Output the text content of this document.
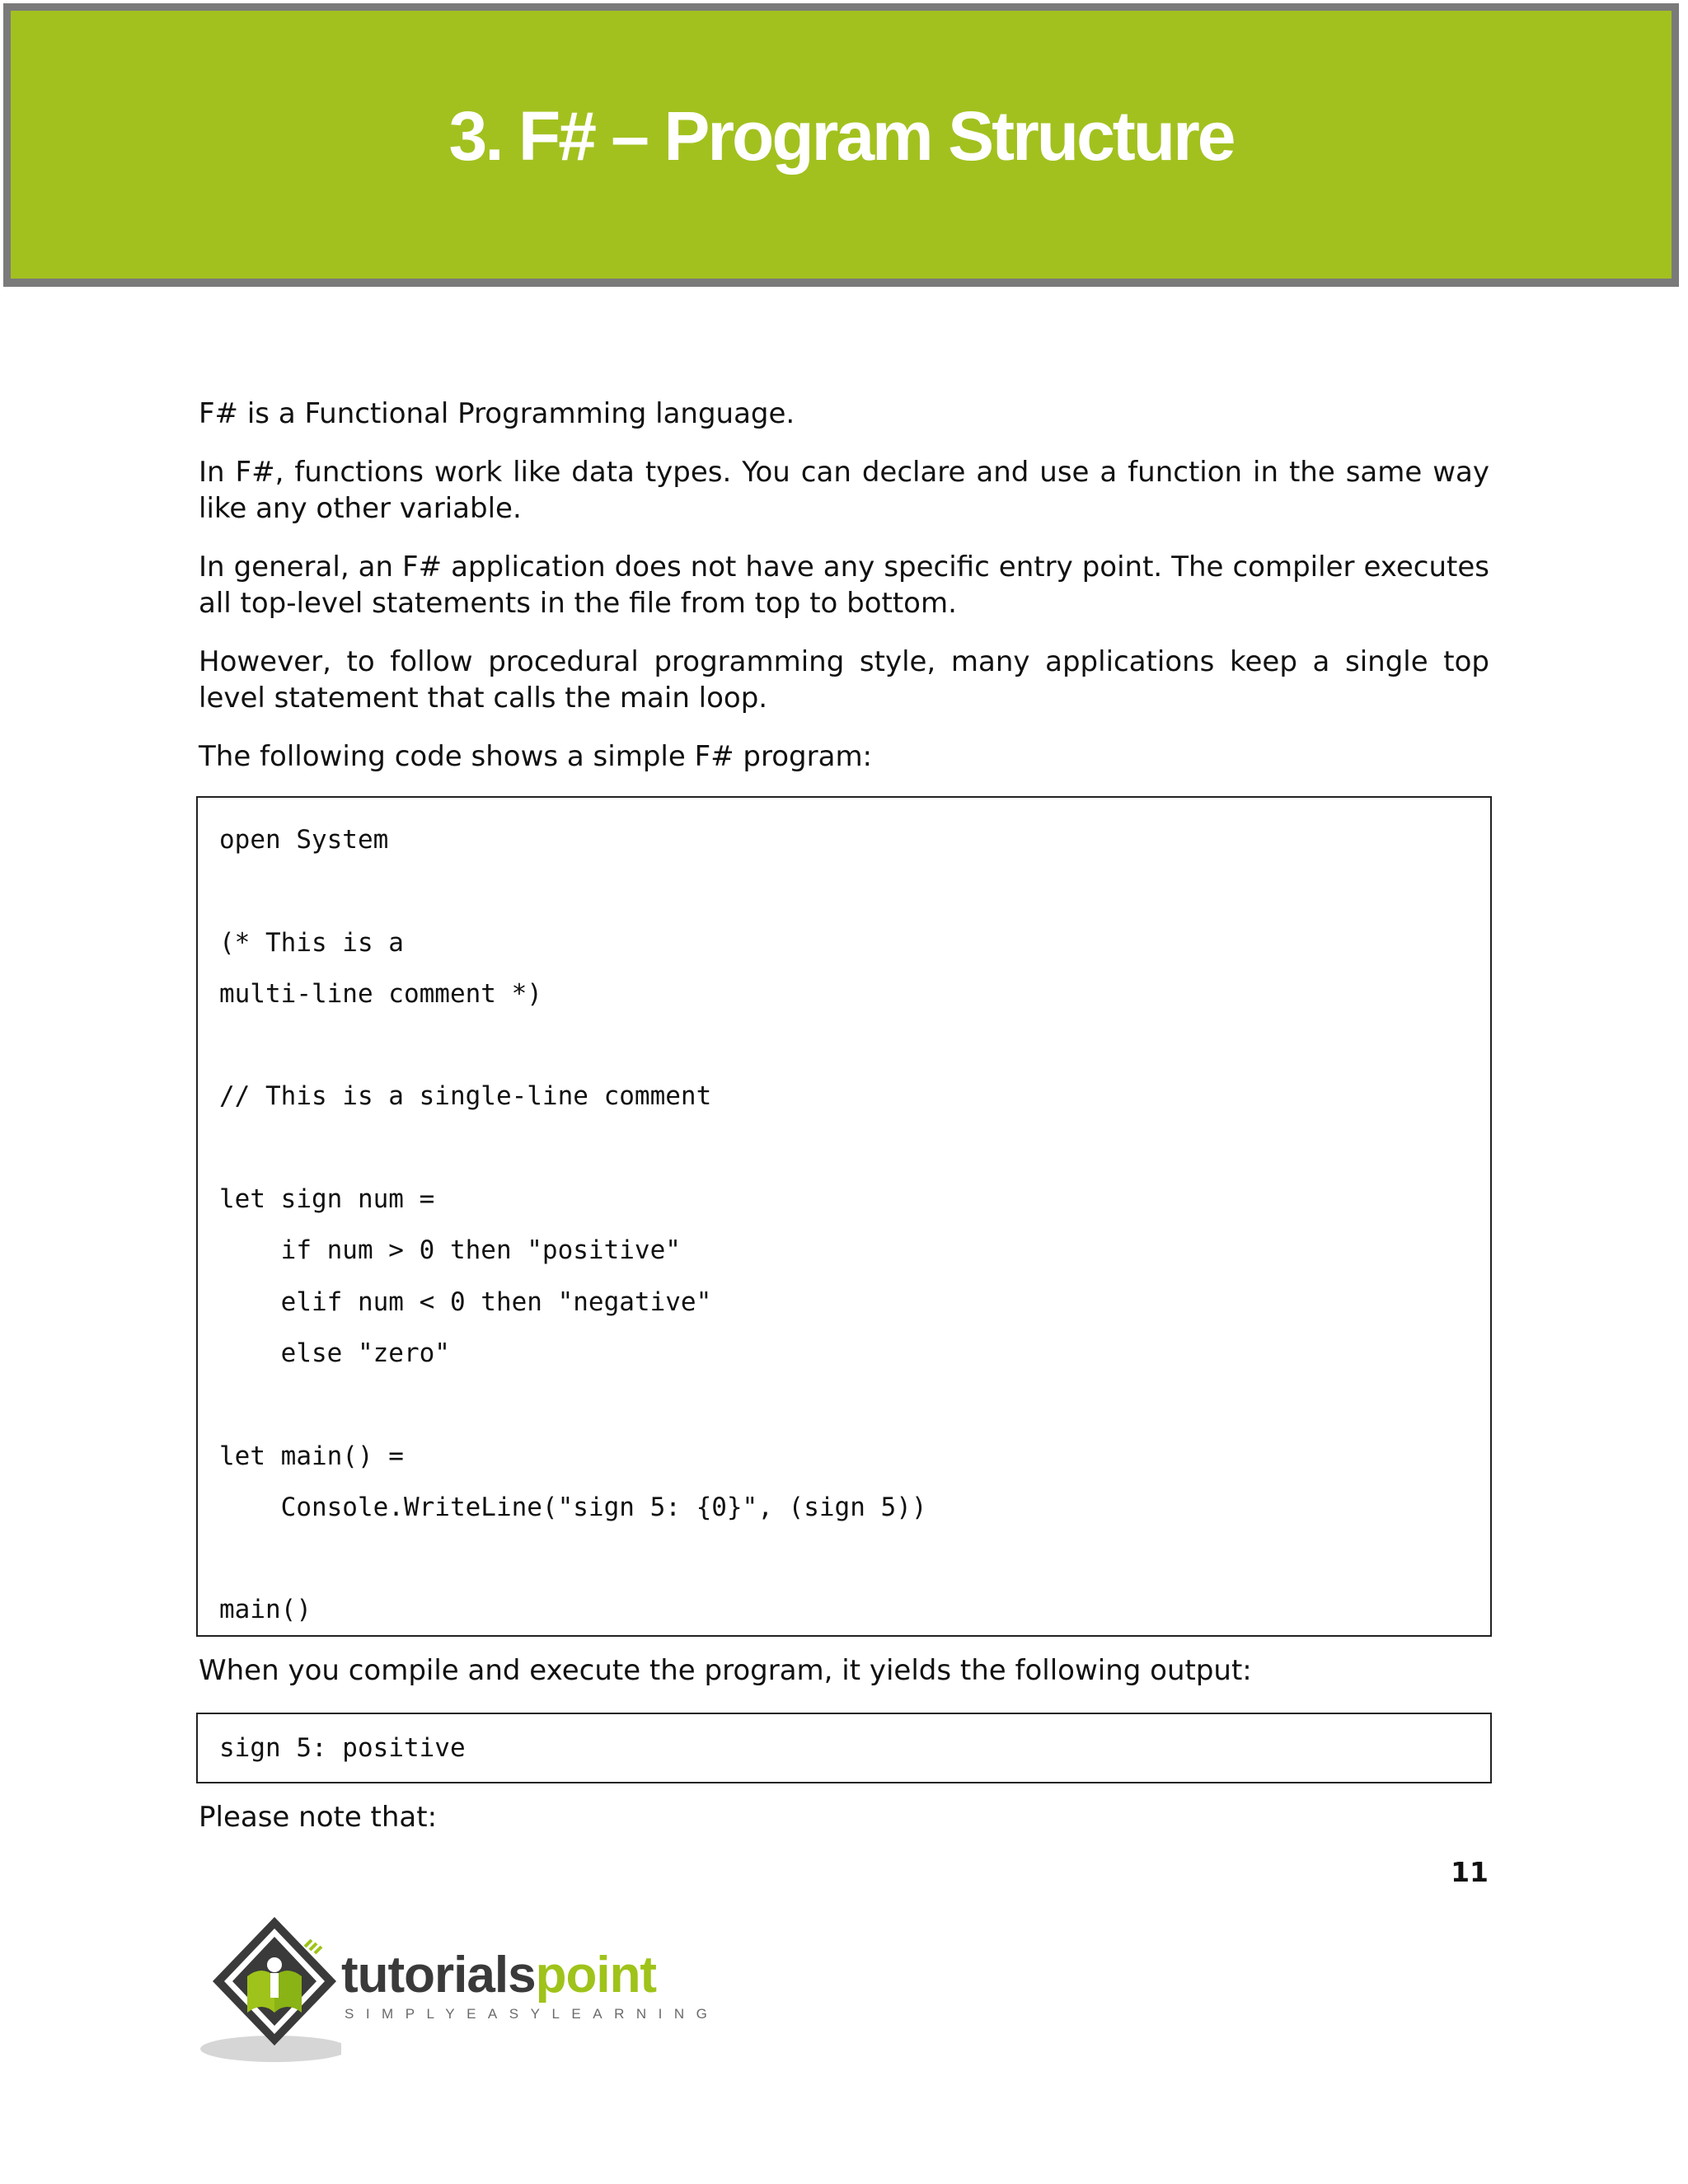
3. F# – Program Structure

F# is a Functional Programming language.

In F#, functions work like data types. You can declare and use a function in the same way like any other variable.

In general, an F# application does not have any specific entry point. The compiler executes all top-level statements in the file from top to bottom.

However, to follow procedural programming style, many applications keep a single top level statement that calls the main loop.

The following code shows a simple F# program:

open System
(* This is a
multi-line comment *)
// This is a single-line comment
let sign num =
if num > 0 then "positive"
elif num < 0 then "negative"
else "zero"
let main() =
Console.WriteLine("sign 5: {0}", (sign 5))
main()

When you compile and execute the program, it yields the following output:

sign 5: positive

Please note that:

11
tutorialspoint
SIMPLYEASYLEARNING
